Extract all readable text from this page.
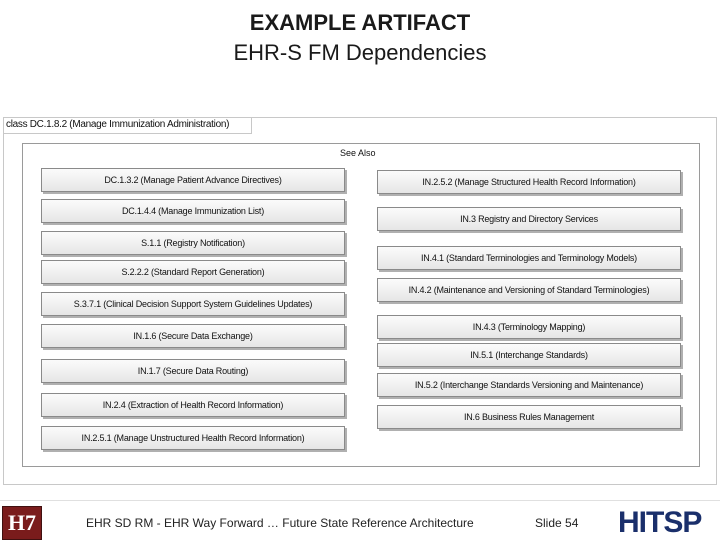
EXAMPLE ARTIFACT
EHR-S FM Dependencies
class DC.1.8.2 (Manage Immunization Administration)
See Also
DC.1.3.2 (Manage Patient Advance Directives)
DC.1.4.4 (Manage Immunization List)
S.1.1 (Registry Notification)
S.2.2.2 (Standard Report Generation)
S.3.7.1 (Clinical Decision Support System Guidelines Updates)
IN.1.6 (Secure Data Exchange)
IN.1.7 (Secure Data Routing)
IN.2.4 (Extraction of Health Record Information)
IN.2.5.1 (Manage Unstructured Health Record Information)
IN.2.5.2 (Manage Structured Health Record Information)
IN.3 Registry and Directory Services
IN.4.1 (Standard Terminologies and Terminology Models)
IN.4.2 (Maintenance and Versioning of Standard Terminologies)
IN.4.3 (Terminology Mapping)
IN.5.1 (Interchange Standards)
IN.5.2 (Interchange Standards Versioning and Maintenance)
IN.6 Business Rules Management
H7	EHR SD RM - EHR Way Forward … Future State Reference Architecture	Slide 54 HITSP
